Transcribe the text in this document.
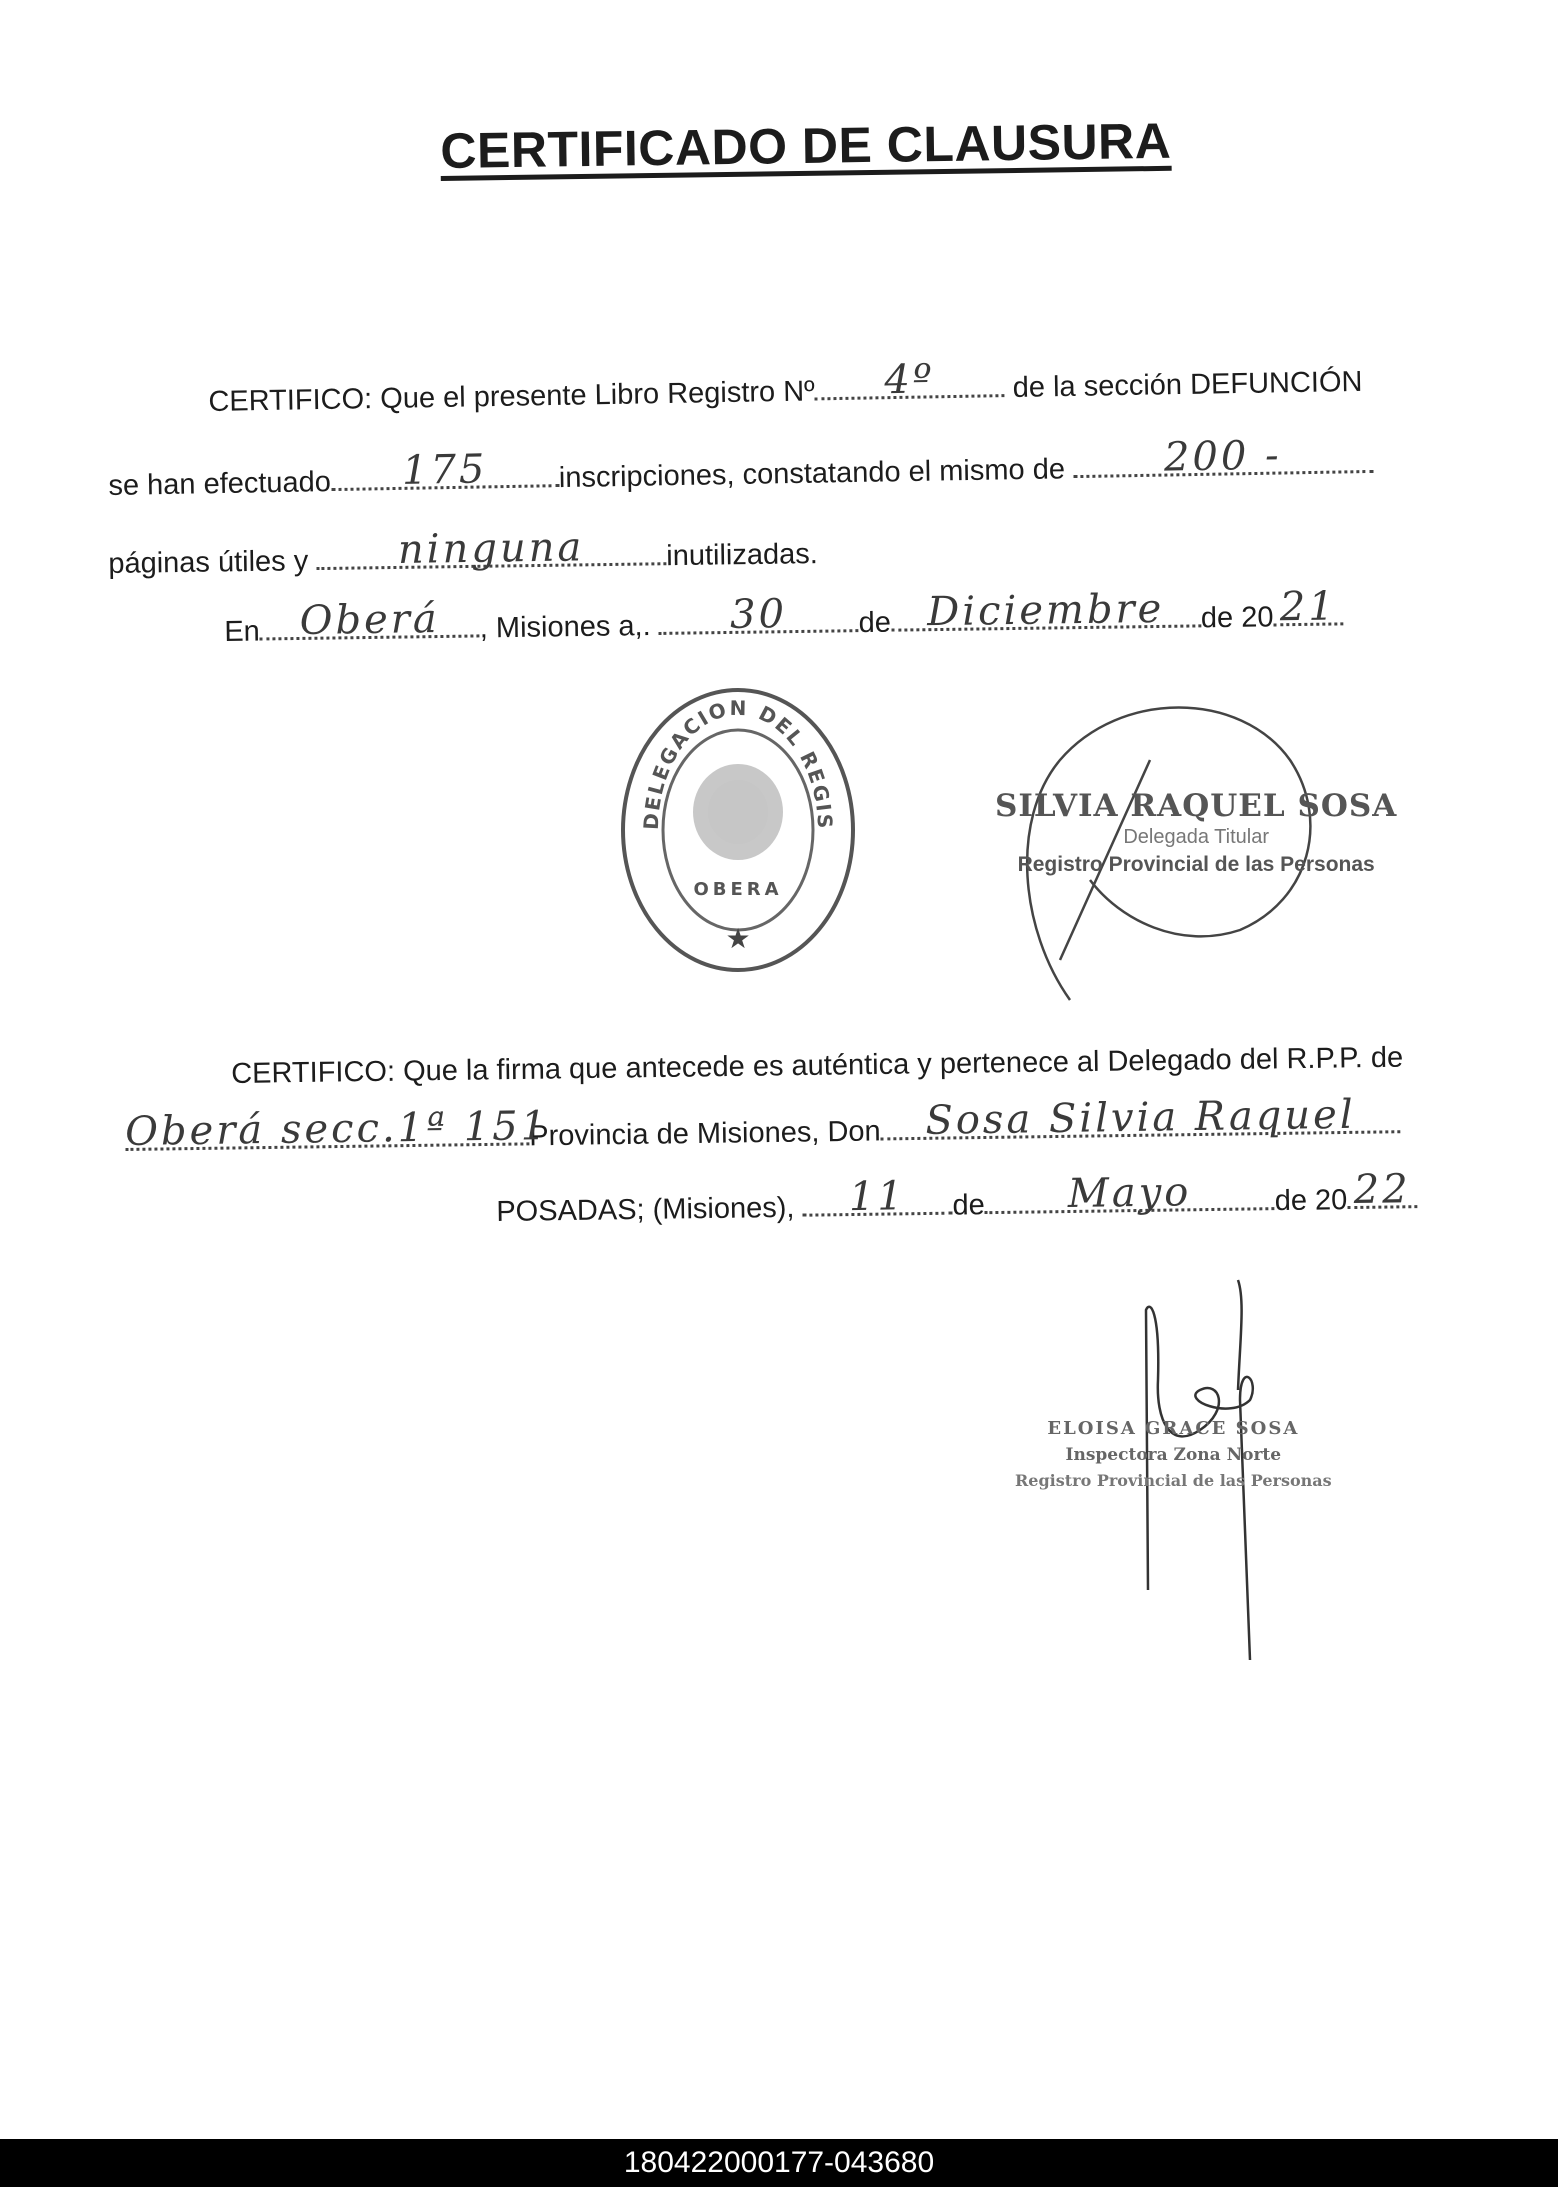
CERTIFICADO DE CLAUSURA
CERTIFICO: Que el presente Libro Registro Nº	4º	de la sección DEFUNCIÓN
se han efectuado	175	inscripciones, constatando el mismo de	200 -
páginas útiles y	ninguna	inutilizadas.
En Oberá	, Misiones a,.	30	de Diciembre	de 20 21
DELEGACION DEL REGIS
OBERA
★
SILVIA RAQUEL SOSA
Delegada Titular
Registro Provincial de las Personas
CERTIFICO: Que la firma que antecede es auténtica y pertenece al Delegado del R.P.P. de
Oberá secc.1ª 151
Provincia de Misiones, Don	Sosa Silvia Raquel
POSADAS; (Misiones),	11	de	Mayo	de 20 22
ELOISA GRACE SOSA
Inspectora Zona Norte
Registro Provincial de las Personas
180422000177-043680
